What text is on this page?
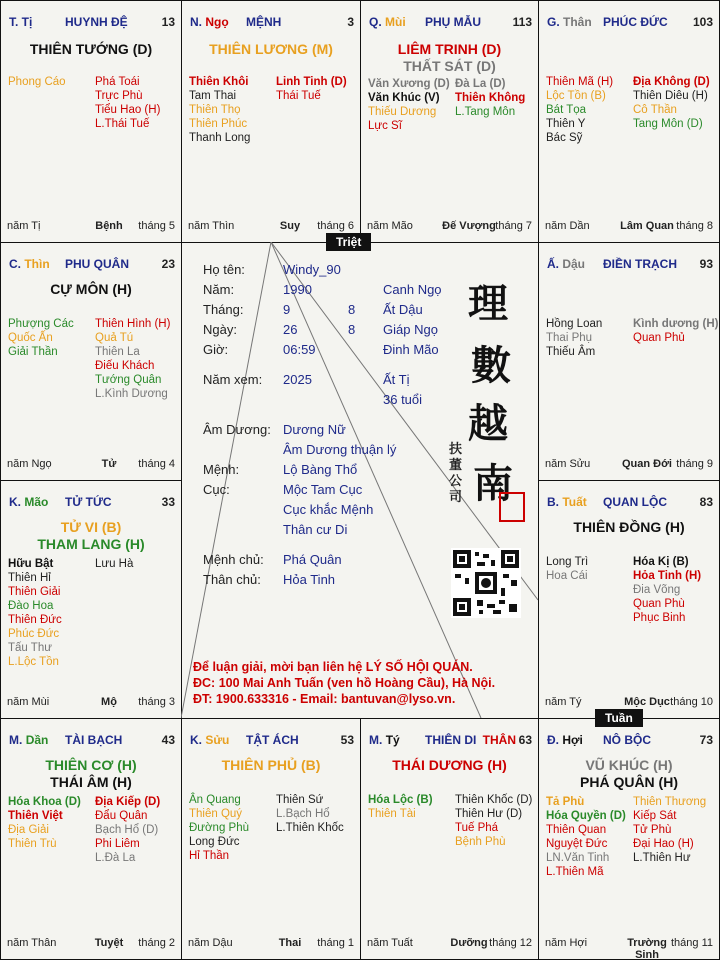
T. Tị	HUYNH ĐỆ	13
THIÊN TƯỚNG (D)
Phong Cáo	Phá Toái
Trực Phù
Tiểu Hao (H)
L.Thái Tuế
năm Tị	Bệnh	tháng 5
N. Ngọ MỆNH	3
THIÊN LƯƠNG (M)
Thiên Khôi
Tam Thai
Thiên Thọ
Thiên Phúc
Thanh Long
Linh Tinh (D)
Thái Tuế
năm Thìn	Suy	tháng 6
Q. Mùi PHỤ MẪU	113
LIÊM TRINH (D)
THẤT SÁT (D)
Văn Xương (D)
Văn Khúc (V)
Thiếu Dương
Lực Sĩ
Đà La (D)
Thiên Không
L.Tang Môn
năm Mão	Đế Vượng tháng 7
G. Thân PHÚC ĐỨC 103
Thiên Mã (H)
Lộc Tồn (B)
Bát Tọa
Thiên Y
Bác Sỹ
Địa Không (D)
Thiên Diêu (H)
Cô Thần
Tang Môn (D)
năm Dần	Lâm Quan tháng 8
C. Thìn PHU QUÂN	23
CỰ MÔN (H)
Phượng Các
Quốc Ấn
Giải Thần
Thiên Hình (H)
Quả Tú
Thiên La
Điếu Khách
Tướng Quân
L.Kình Dương
năm Ngọ	Tử	tháng 4
Ấ. Dậu ĐIỀN TRẠCH 93
Hồng Loan
Thai Phụ
Thiếu Âm
Kình dương (H)
Quan Phủ
năm Sửu	Quan Đới tháng 9
K. Mão TỬ TỨC	33
TỬ VI (B)
THAM LANG (H)
Hữu Bật
Thiên Hỉ
Thiên Giải
Đào Hoa
Thiên Đức
Phúc Đức
Tấu Thư
L.Lộc Tồn
Lưu Hà
năm Mùi	Mộ	tháng 3
B. Tuất QUAN LỘC	83
THIÊN ĐỒNG (H)
Long Trì
Hoa Cái
Hóa Kị (B)
Hỏa Tinh (H)
Đia Võng
Quan Phù
Phục Binh
năm Tý	Mộc Dục tháng 10
M. Dần TÀI BẠCH	43
THIÊN CƠ (H)
THÁI ÂM (H)
Hóa Khoa (D)
Thiên Việt
Địa Giải
Thiên Trù
Địa Kiếp (D)
Đẩu Quân
Bạch Hổ (D)
Phi Liêm
L.Đà La
năm Thân	Tuyệt	tháng 2
K. Sửu TẬT ÁCH	53
THIÊN PHỦ (B)
Ân Quang
Thiên Quý
Đường Phù
Long Đức
Hỉ Thần
Thiên Sứ
L.Bạch Hổ
L.Thiên Khốc
năm Dậu	Thai	tháng 1
M. Tý THIÊN DI THÂN 63
THÁI DƯƠNG (H)
Hóa Lộc (B)
Thiên Tài
Thiên Khốc (D)
Thiên Hư (D)
Tuế Phá
Bệnh Phù
năm Tuất	Dưỡng tháng 12
Đ. Hợi NÔ BỘC	73
VŨ KHÚC (H)
PHÁ QUÂN (H)
Tả Phù
Hóa Quyền (D)
Thiên Quan
Nguyệt Đức
LN.Văn Tinh
L.Thiên Mã
Thiên Thương
Kiếp Sát
Tử Phù
Đại Hao (H)
L.Thiên Hư
năm Hợi	Trường Sinh
tháng 11
Họ tên:	Windy_90
Năm:	1990	Canh Ngọ
Tháng:	9	8 Ất Dậu
Ngày:	26	8 Giáp Ngọ
Giờ:	06:59	Đinh Mão
Năm xem: 2025	Ất Tị
36 tuổi
Âm Dương: Dương Nữ
Âm Dương thuận lý
Mệnh:	Lộ Bàng Thổ
Cục:	Mộc Tam Cục
Cục khắc Mệnh
Thân cư Di
Mệnh chủ: Phá Quân
Thân chủ: Hỏa Tinh
理
數
越
南
扶董公司
Để luận giải, mời bạn liên hệ LÝ SỐ HỘI QUÁN.
ĐC: 100 Mai Anh Tuấn (ven hồ Hoàng Cầu), Hà Nội.
ĐT: 1900.633316 - Email: bantuvan@lyso.vn.
Triệt
Tuần
